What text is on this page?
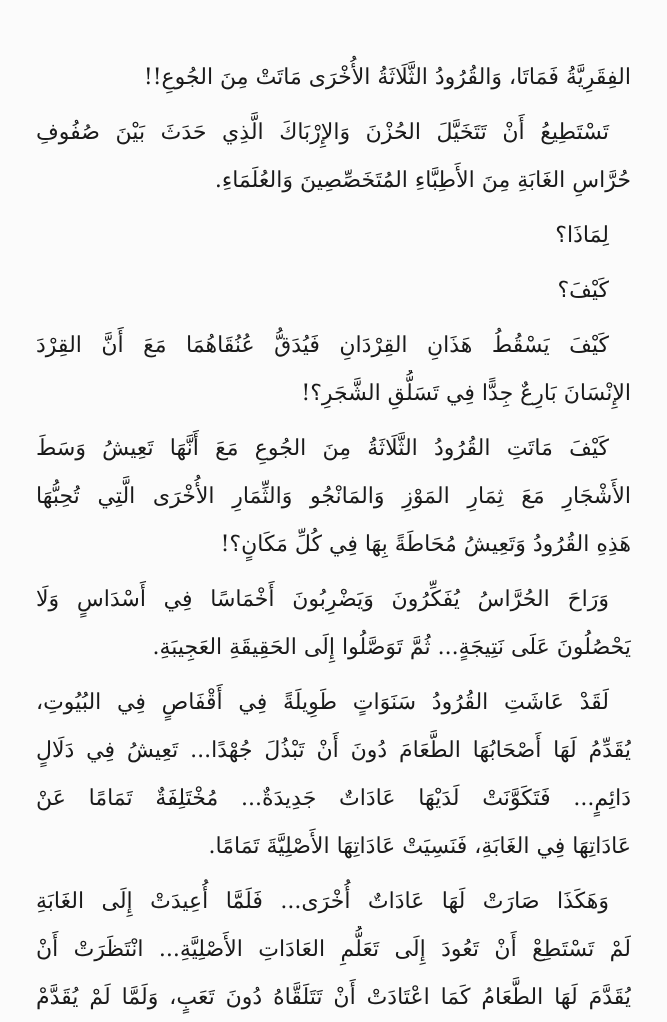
الفِقَرِيَّةُ فَمَاتَا، وَالقُرُودُ الثَّلَاثَةُ الأُخْرَى مَاتَتْ مِنَ الجُوعِ!!
تَسْتَطِيعُ أَنْ تَتَخَيَّلَ الحُزْنَ وَالإِرْبَاكَ الَّذِي حَدَثَ بَيْنَ صُفُوفِ
حُرَّاسِ الغَابَةِ مِنَ الأَطِبَّاءِ المُتَخَصِّصِينَ وَالعُلَمَاءِ.
لِمَاذَا؟
كَيْفَ؟
كَيْفَ يَسْقُطُ هَذَانِ القِرْدَانِ فَيُدَقُّ عُنُقَاهُمَا مَعَ أَنَّ القِرْدَ
الإِنْسَانَ بَارِعٌ جِدًّا فِي تَسَلُّقِ الشَّجَرِ؟!
كَيْفَ مَاتَتِ القُرُودُ الثَّلَاثَةُ مِنَ الجُوعِ مَعَ أَنَّهَا تَعِيشُ وَسَطَ
الأَشْجَارِ مَعَ ثِمَارِ المَوْزِ وَالمَانْجُو وَالثِّمَارِ الأُخْرَى الَّتِي تُحِبُّهَا
هَذِهِ القُرُودُ وَتَعِيشُ مُحَاطَةً بِهَا فِي كُلِّ مَكَانٍ؟!
وَرَاحَ الحُرَّاسُ يُفَكِّرُونَ وَيَضْرِبُونَ أَخْمَاسًا فِي أَسْدَاسٍ وَلَا
يَحْصُلُونَ عَلَى نَتِيجَةٍ... ثُمَّ تَوَصَّلُوا إِلَى الحَقِيقَةِ العَجِيبَةِ.
لَقَدْ عَاشَتِ القُرُودُ سَنَوَاتٍ طَوِيلَةً فِي أَقْفَاصٍ فِي البُيُوتِ،
يُقَدِّمُ لَهَا أَصْحَابُهَا الطَّعَامَ دُونَ أَنْ تَبْذُلَ جُهْدًا... تَعِيشُ فِي دَلَالٍ
دَائِمٍ... فَتَكَوَّنَتْ لَدَيْهَا عَادَاتٌ جَدِيدَةٌ... مُخْتَلِفَةٌ تَمَامًا عَنْ
عَادَاتِهَا فِي الغَابَةِ، فَنَسِيَتْ عَادَاتِهَا الأَصْلِيَّةَ تَمَامًا.
وَهَكَذَا صَارَتْ لَهَا عَادَاتٌ أُخْرَى... فَلَمَّا أُعِيدَتْ إِلَى الغَابَةِ
لَمْ تَسْتَطِعْ أَنْ تَعُودَ إِلَى تَعَلُّمِ العَادَاتِ الأَصْلِيَّةِ... انْتَظَرَتْ أَنْ
يُقَدَّمَ لَهَا الطَّعَامُ كَمَا اعْتَادَتْ أَنْ تَتَلَقَّاهُ دُونَ تَعَبٍ، وَلَمَّا لَمْ يُقَدَّمْ
